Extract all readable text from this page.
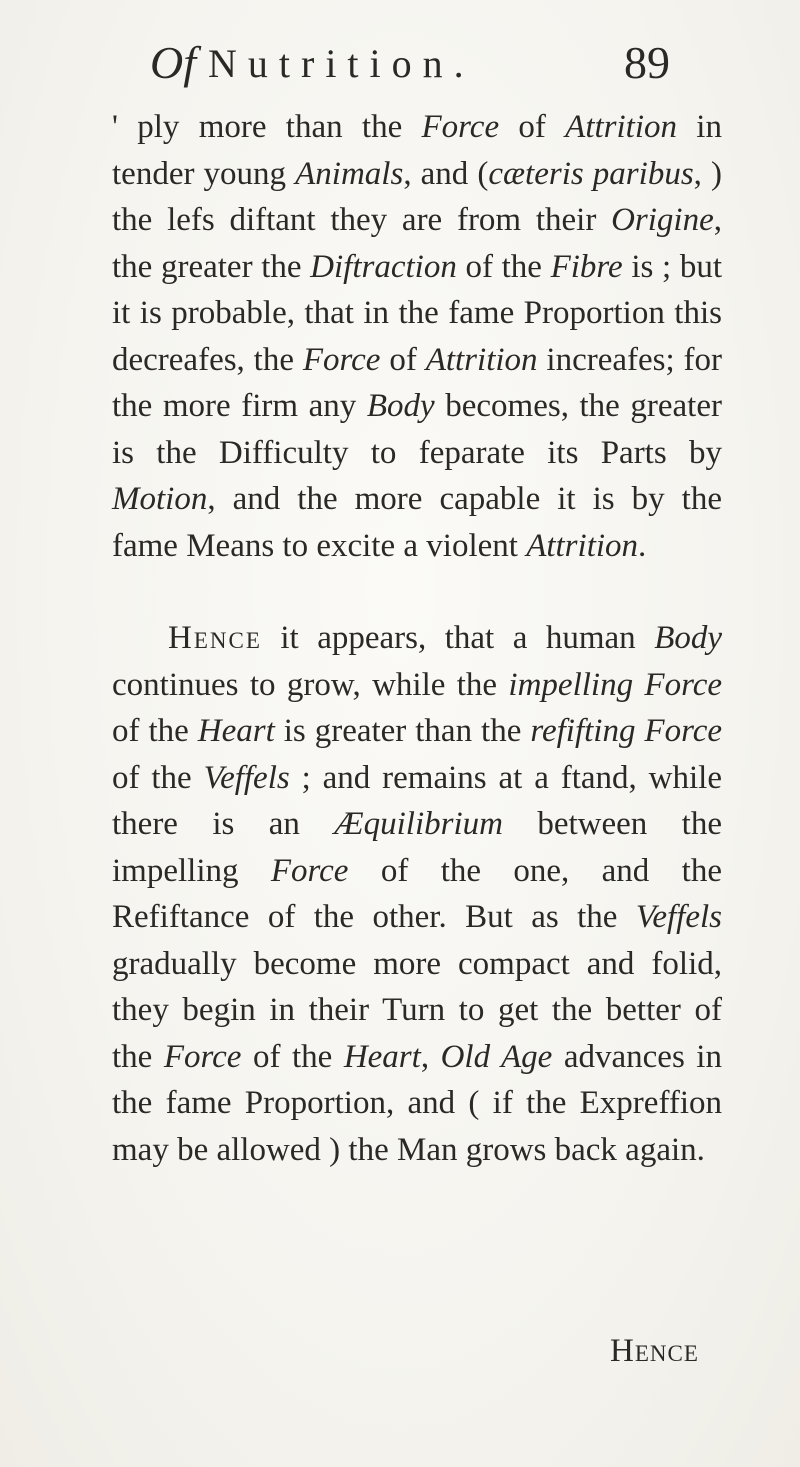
Of Nutrition.	89

' ply more than the Force of Attrition in tender young Animals, and (cæteris paribus, ) the lefs diftant they are from their Origine, the greater the Diftraction of the Fibre is ; but it is probable, that in the fame Proportion this decreafes, the Force of Attrition increafes; for the more firm any Body becomes, the greater is the Difficulty to feparate its Parts by Motion, and the more capable it is by the fame Means to excite a violent Attrition.

Hence it appears, that a human Body continues to grow, while the impelling Force of the Heart is greater than the refifting Force of the Veffels ; and remains at a ftand, while there is an Æquilibrium between the impelling Force of the one, and the Refiftance of the other. But as the Veffels gradually become more compact and folid, they begin in their Turn to get the better of the Force of the Heart, Old Age advances in the fame Proportion, and ( if the Expreffion may be allowed ) the Man grows back again.

Hence
